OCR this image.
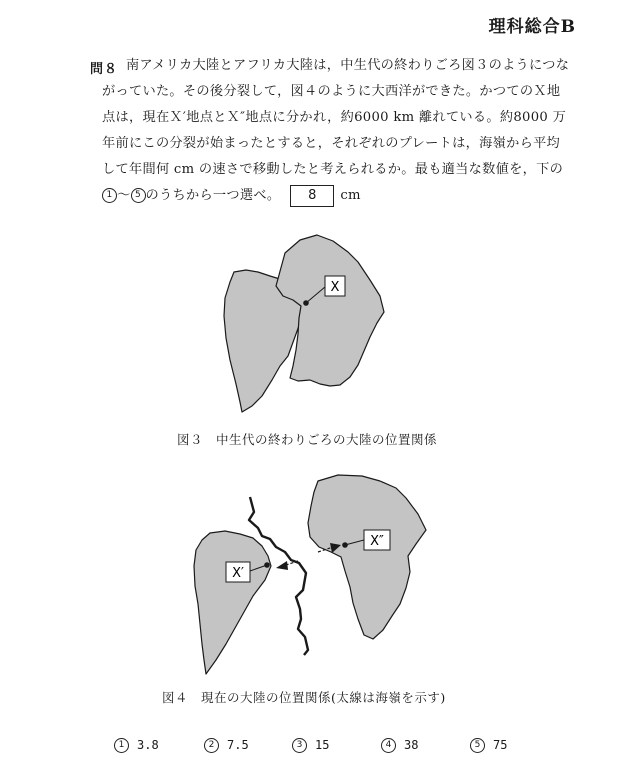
理科総合B
問８ 南アメリカ大陸とアフリカ大陸は，中生代の終わりごろ図３のようにつな
がっていた。その後分裂して，図４のように大西洋ができた。かつてのＸ地
点は，現在Ｘ′地点とＸ″地点に分かれ，約6000 km 離れている。約8000 万
年前にこの分裂が始まったとすると，それぞれのプレートは，海嶺から平均
して年間何 cm の速さで移動したと考えられるか。最も適当な数値を，下の
1 ～ 5 のうちから一つ選べ。 8 cm
X
X′
X″
図３　中生代の終わりごろの大陸の位置関係
図４　現在の大陸の位置関係(太線は海嶺を示す)
1 3.8	2 7.5	3 15	4 38	5 75
